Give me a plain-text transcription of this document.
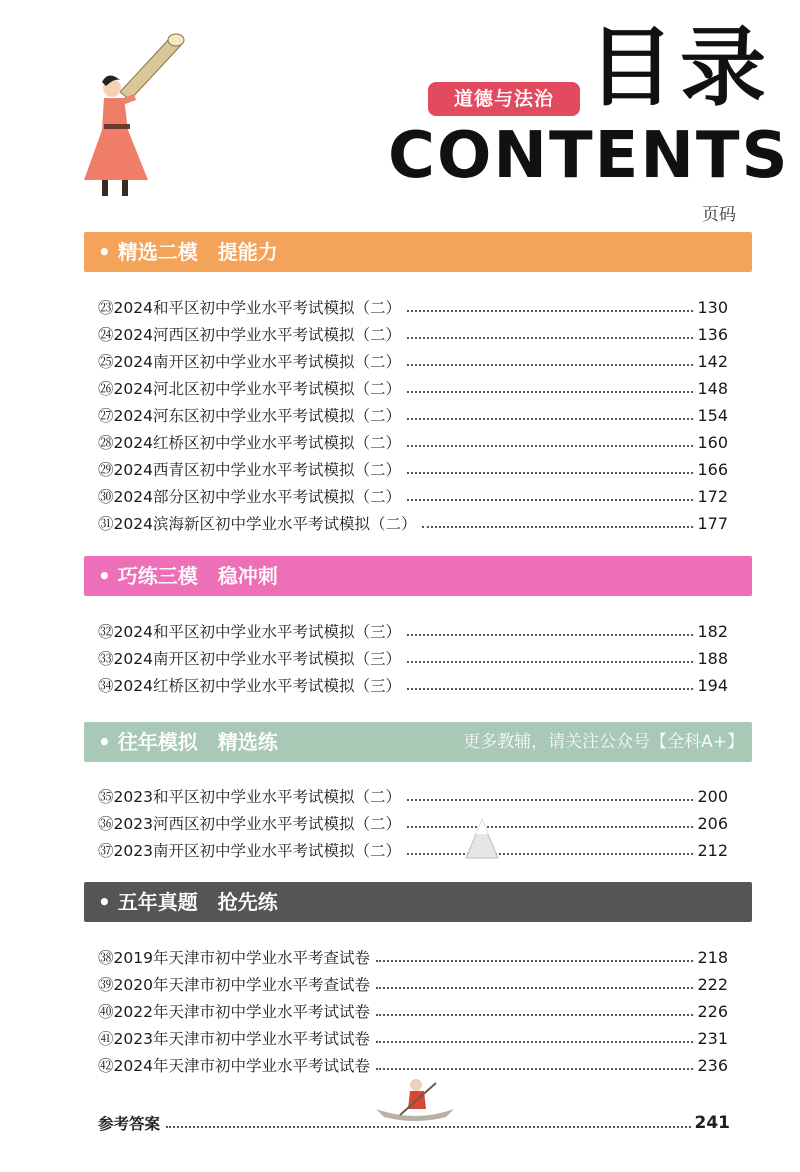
道德与法治 目录
CONTENTS
页码
• 精选二模　提能力
㉓2024和平区初中学业水平考试模拟（二）	130
㉔2024河西区初中学业水平考试模拟（二）	136
㉕2024南开区初中学业水平考试模拟（二）	142
㉖2024河北区初中学业水平考试模拟（二）	148
㉗2024河东区初中学业水平考试模拟（二）	154
㉘2024红桥区初中学业水平考试模拟（二）	160
㉙2024西青区初中学业水平考试模拟（二）	166
㉚2024部分区初中学业水平考试模拟（二）	172
㉛2024滨海新区初中学业水平考试模拟（二）	177
• 巧练三模　稳冲刺
㉜2024和平区初中学业水平考试模拟（三）	182
㉝2024南开区初中学业水平考试模拟（三）	188
㉞2024红桥区初中学业水平考试模拟（三）	194
• 往年模拟　精选练	更多教辅，请关注公众号【全科A+】
㉟2023和平区初中学业水平考试模拟（二）	200
㊱2023河西区初中学业水平考试模拟（二）	206
㊲2023南开区初中学业水平考试模拟（二）	212
• 五年真题　抢先练
㊳2019年天津市初中学业水平考查试卷	218
㊴2020年天津市初中学业水平考查试卷	222
㊵2022年天津市初中学业水平考试试卷	226
㊶2023年天津市初中学业水平考试试卷	231
㊷2024年天津市初中学业水平考试试卷	236
参考答案	241
